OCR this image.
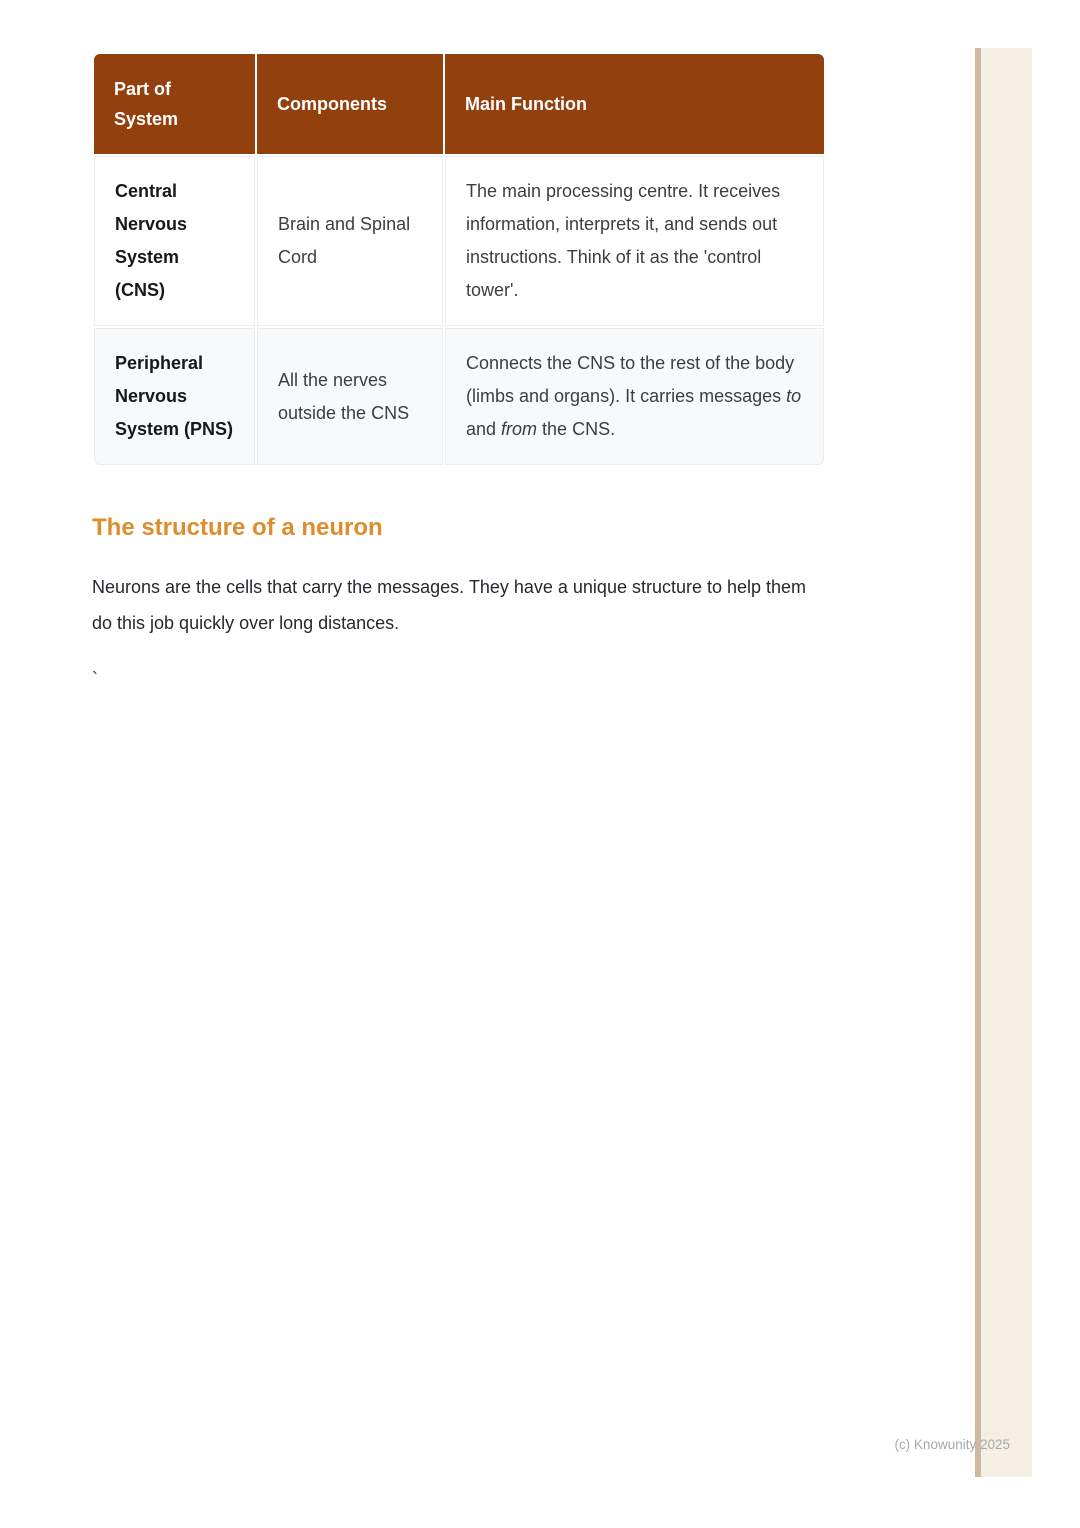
Part of System	Components	Main Function
Central Nervous System (CNS)	Brain and Spinal Cord	The main processing centre. It receives information, interprets it, and sends out instructions. Think of it as the 'control tower'.
Peripheral Nervous System (PNS)	All the nerves outside the CNS	Connects the CNS to the rest of the body (limbs and organs). It carries messages to and from the CNS.
The structure of a neuron

Neurons are the cells that carry the messages. They have a unique structure to help them do this job quickly over long distances.

`
(c) Knowunity 2025
